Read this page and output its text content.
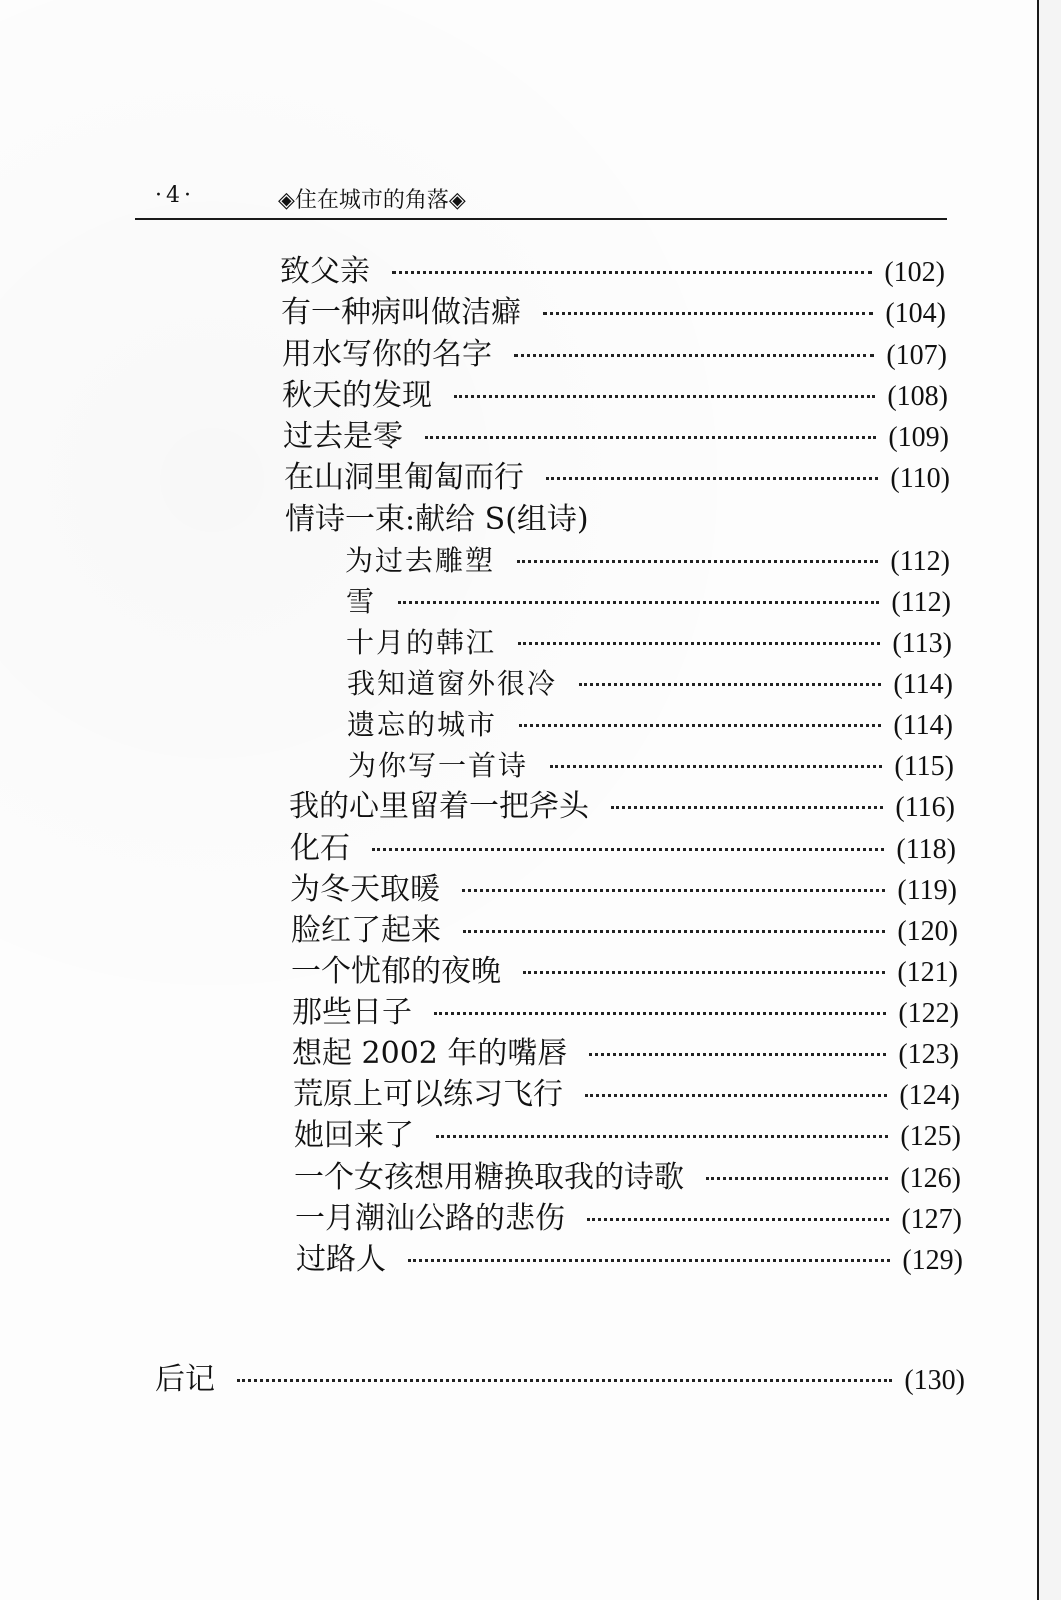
·4·	◈住在城市的角落◈
致父亲	(102)
有一种病叫做洁癖	(104)
用水写你的名字	(107)
秋天的发现	(108)
过去是零	(109)
在山洞里匍匐而行	(110)
情诗一束:献给 S(组诗)
为过去雕塑	(112)
雪	(112)
十月的韩江	(113)
我知道窗外很冷	(114)
遗忘的城市	(114)
为你写一首诗	(115)
我的心里留着一把斧头	(116)
化石	(118)
为冬天取暖	(119)
脸红了起来	(120)
一个忧郁的夜晚	(121)
那些日子	(122)
想起 2002 年的嘴唇	(123)
荒原上可以练习飞行	(124)
她回来了	(125)
一个女孩想用糖换取我的诗歌	(126)
一月潮汕公路的悲伤	(127)
过路人	(129)
后记	(130)
